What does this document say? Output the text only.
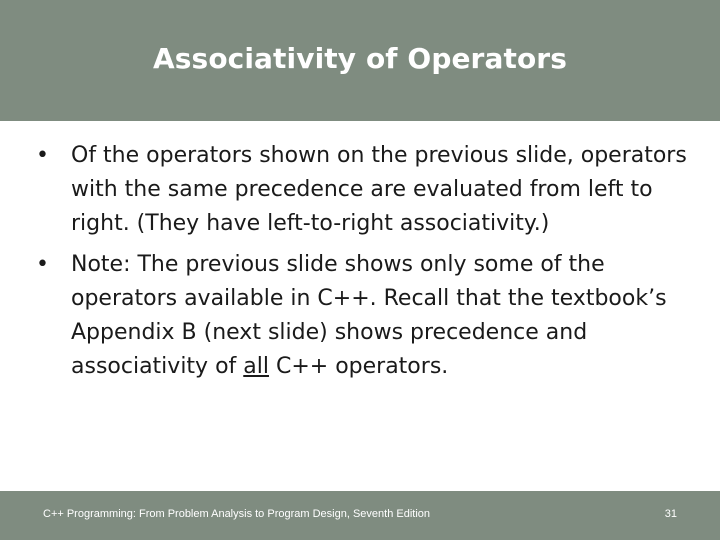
Associativity of Operators
• Of the operators shown on the previous slide, operators with the same precedence are evaluated from left to right. (They have left-to-right associativity.)
• Note: The previous slide shows only some of the operators available in C++. Recall that the textbook’s Appendix B (next slide) shows precedence and associativity of all C++ operators.
C++ Programming: From Problem Analysis to Program Design, Seventh Edition	31
